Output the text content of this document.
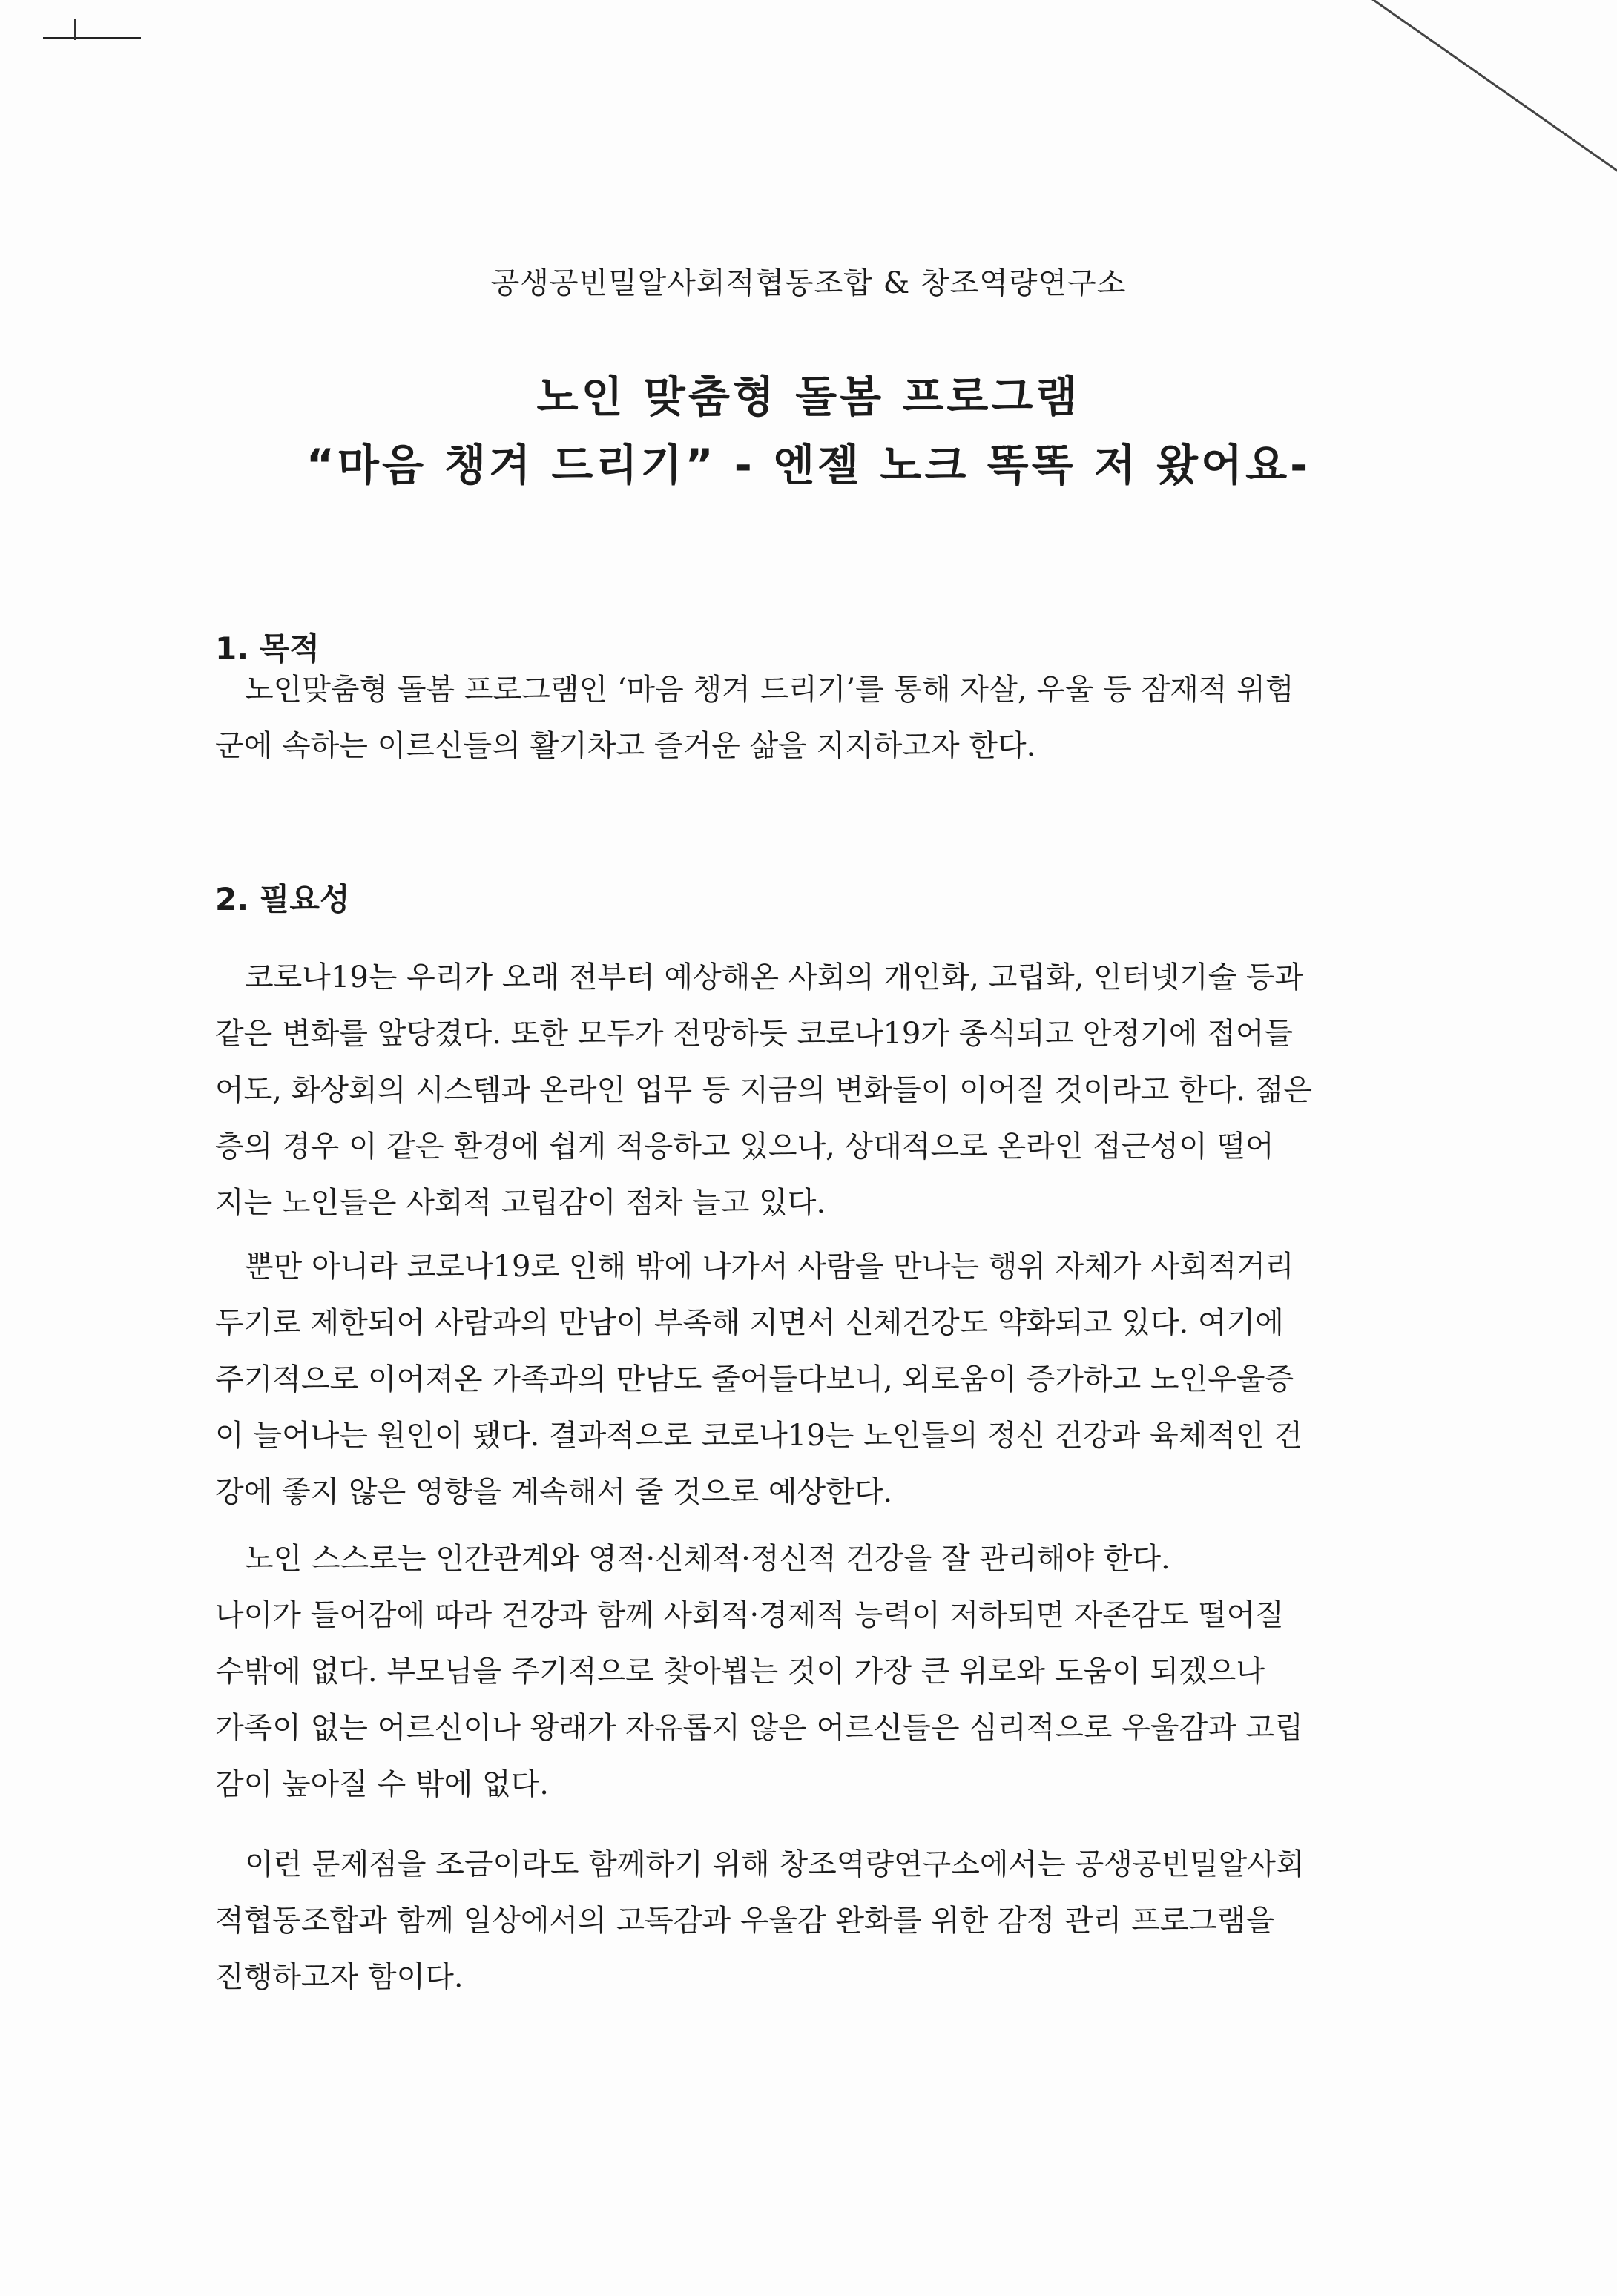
공생공빈밀알사회적협동조합 & 창조역량연구소
노인 맞춤형 돌봄 프로그램
“마음 챙겨 드리기” - 엔젤 노크 똑똑 저 왔어요-
1. 목적

노인맞춤형 돌봄 프로그램인 ‘마음 챙겨 드리기’를 통해 자살, 우울 등 잠재적 위험
군에 속하는 이르신들의 활기차고 즐거운 삶을 지지하고자 한다.

2. 필요성

코로나19는 우리가 오래 전부터 예상해온 사회의 개인화, 고립화, 인터넷기술 등과
같은 변화를 앞당겼다. 또한 모두가 전망하듯 코로나19가 종식되고 안정기에 접어들
어도, 화상회의 시스템과 온라인 업무 등 지금의 변화들이 이어질 것이라고 한다. 젊은
층의 경우 이 같은 환경에 쉽게 적응하고 있으나, 상대적으로 온라인 접근성이 떨어
지는 노인들은 사회적 고립감이 점차 늘고 있다.

뿐만 아니라 코로나19로 인해 밖에 나가서 사람을 만나는 행위 자체가 사회적거리
두기로 제한되어 사람과의 만남이 부족해 지면서 신체건강도 약화되고 있다. 여기에
주기적으로 이어져온 가족과의 만남도 줄어들다보니, 외로움이 증가하고 노인우울증
이 늘어나는 원인이 됐다. 결과적으로 코로나19는 노인들의 정신 건강과 육체적인 건
강에 좋지 않은 영향을 계속해서 줄 것으로 예상한다.

노인 스스로는 인간관계와 영적·신체적·정신적 건강을 잘 관리해야 한다.
나이가 들어감에 따라 건강과 함께 사회적·경제적 능력이 저하되면 자존감도 떨어질
수밖에 없다. 부모님을 주기적으로 찾아뵙는 것이 가장 큰 위로와 도움이 되겠으나
가족이 없는 어르신이나 왕래가 자유롭지 않은 어르신들은 심리적으로 우울감과 고립
감이 높아질 수 밖에 없다.

이런 문제점을 조금이라도 함께하기 위해 창조역량연구소에서는 공생공빈밀알사회
적협동조합과 함께 일상에서의 고독감과 우울감 완화를 위한 감정 관리 프로그램을
진행하고자 함이다.
